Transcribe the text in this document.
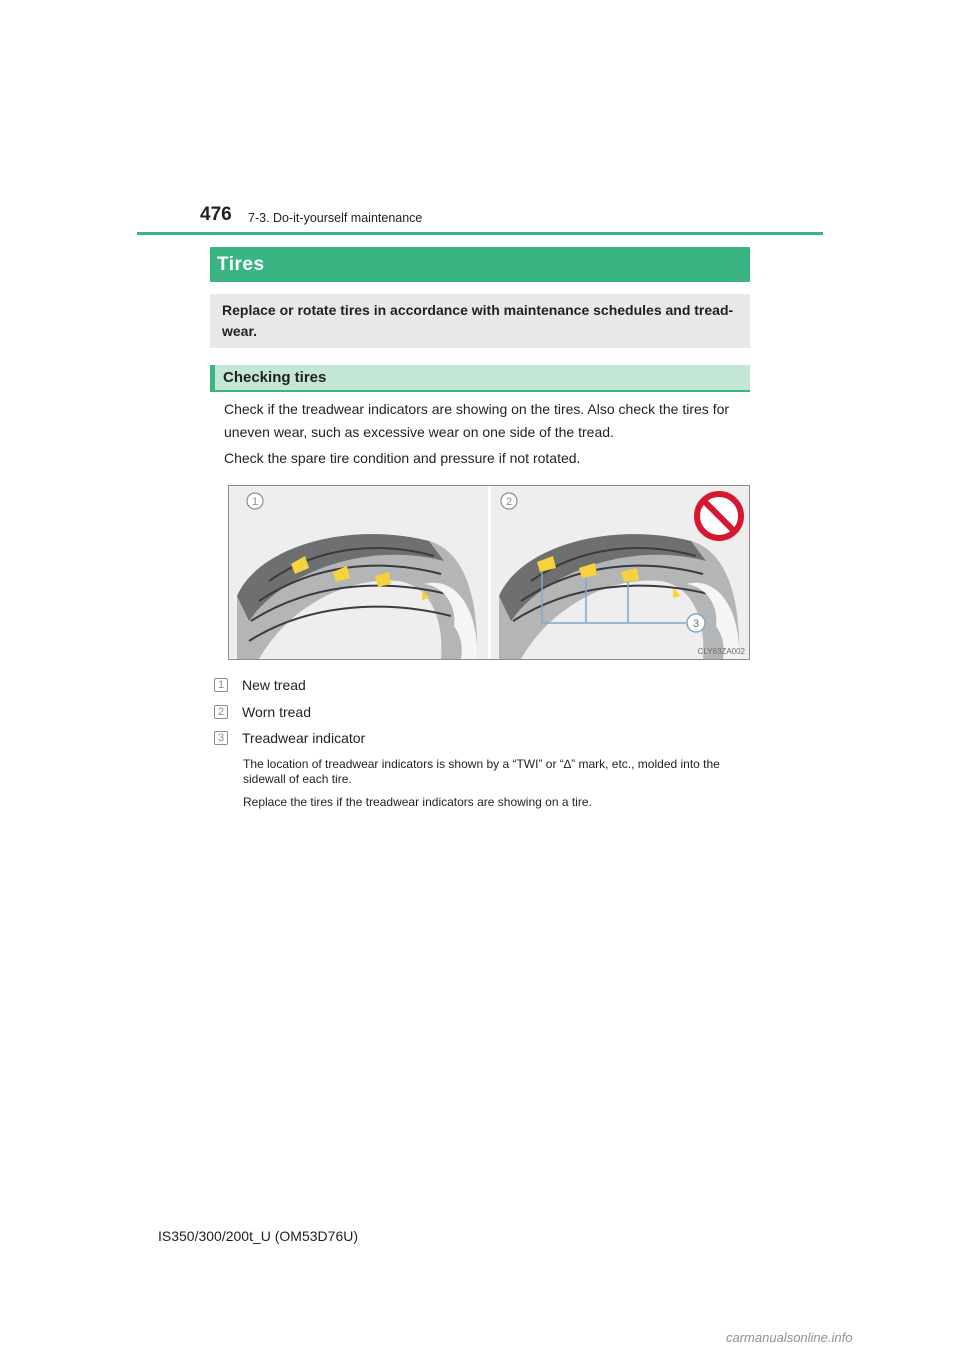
476 7-3. Do-it-yourself maintenance
Tires
Replace or rotate tires in accordance with maintenance schedules and tread-wear.
Checking tires
Check if the treadwear indicators are showing on the tires. Also check the tires for uneven wear, such as excessive wear on one side of the tread.
Check the spare tire condition and pressure if not rotated.
1	2
3
CLY63ZA002
1 New tread
2 Worn tread
3 Treadwear indicator
The location of treadwear indicators is shown by a “TWI” or “∆” mark, etc., molded into the sidewall of each tire.
Replace the tires if the treadwear indicators are showing on a tire.
IS350/300/200t_U (OM53D76U)
carmanualsonline.info
